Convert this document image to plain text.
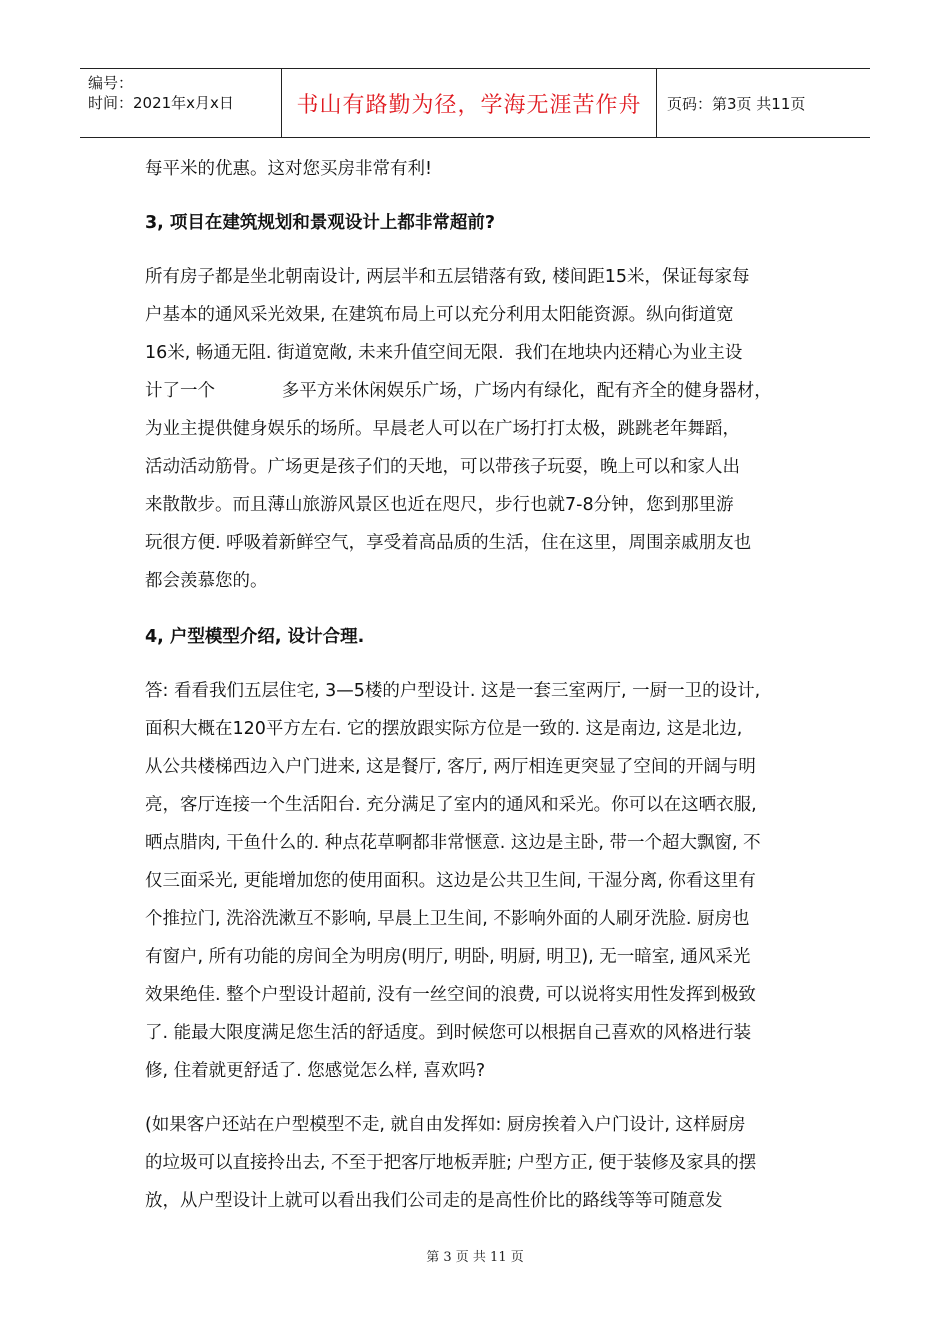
编号：
时间：2021年x月x日	书山有路勤为径，学海无涯苦作舟	页码：第3页 共11页

每平米的优惠。这对您买房非常有利!

3, 项目在建筑规划和景观设计上都非常超前?

所有房子都是坐北朝南设计, 两层半和五层错落有致, 楼间距15米，保证每家每

户基本的通风采光效果, 在建筑布局上可以充分利用太阳能资源。纵向街道宽

16米, 畅通无阻. 街道宽敞, 未来升值空间无限.  我们在地块内还精心为业主设

计了一个            多平方米休闲娱乐广场，广场内有绿化，配有齐全的健身器材，

为业主提供健身娱乐的场所。早晨老人可以在广场打打太极，跳跳老年舞蹈，

活动活动筋骨。广场更是孩子们的天地，可以带孩子玩耍，晚上可以和家人出

来散散步。而且薄山旅游风景区也近在咫尺，步行也就7-8分钟，您到那里游

玩很方便. 呼吸着新鲜空气，享受着高品质的生活，住在这里，周围亲戚朋友也

都会羡慕您的。

4, 户型模型介绍, 设计合理.

答: 看看我们五层住宅, 3—5楼的户型设计. 这是一套三室两厅, 一厨一卫的设计,

面积大概在120平方左右. 它的摆放跟实际方位是一致的. 这是南边, 这是北边,

从公共楼梯西边入户门进来, 这是餐厅, 客厅, 两厅相连更突显了空间的开阔与明

亮，客厅连接一个生活阳台. 充分满足了室内的通风和采光。你可以在这晒衣服,

晒点腊肉, 干鱼什么的. 种点花草啊都非常惬意. 这边是主卧, 带一个超大飘窗, 不

仅三面采光, 更能增加您的使用面积。这边是公共卫生间, 干湿分离, 你看这里有

个推拉门, 洗浴洗漱互不影响, 早晨上卫生间, 不影响外面的人刷牙洗脸. 厨房也

有窗户, 所有功能的房间全为明房(明厅, 明卧, 明厨, 明卫), 无一暗室, 通风采光

效果绝佳. 整个户型设计超前, 没有一丝空间的浪费, 可以说将实用性发挥到极致

了. 能最大限度满足您生活的舒适度。到时候您可以根据自己喜欢的风格进行装

修, 住着就更舒适了. 您感觉怎么样, 喜欢吗?

(如果客户还站在户型模型不走, 就自由发挥如: 厨房挨着入户门设计, 这样厨房

的垃圾可以直接拎出去, 不至于把客厅地板弄脏; 户型方正, 便于装修及家具的摆

放，从户型设计上就可以看出我们公司走的是高性价比的路线等等可随意发

第 3 页 共 11 页
